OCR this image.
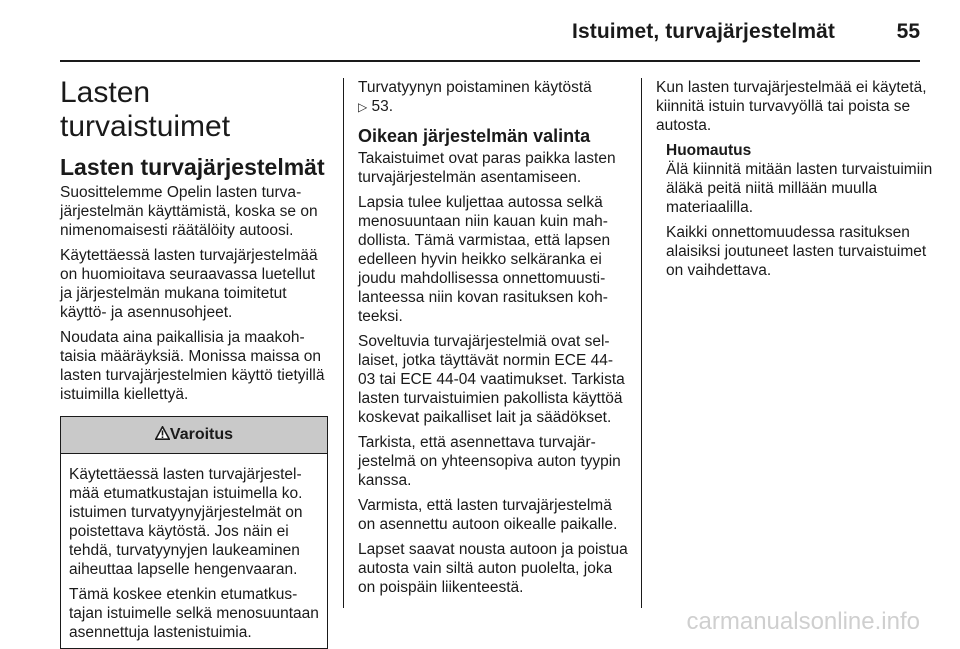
Istuimet, turvajärjestelmät	55
Lasten turvaistuimet
Lasten turvajärjestelmät

Suosittelemme Opelin lasten turvajärjestelmän käyttämistä, koska se on nimenomaisesti räätälöity autoosi.

Käytettäessä lasten turvajärjestelmää on huomioitava seuraavassa luetellut ja järjestelmän mukana toimitetut käyttö- ja asennusohjeet.

Noudata aina paikallisia ja maakohtaisia määräyksiä. Monissa maissa on lasten turvajärjestelmien käyttö tietyillä istuimilla kiellettyä.

Varoitus

Käytettäessä lasten turvajärjestelmää etumatkustajan istuimella ko. istuimen turvatyynyjärjestelmät on poistettava käytöstä. Jos näin ei tehdä, turvatyynyjen laukeaminen aiheuttaa lapselle hengenvaaran.

Tämä koskee etenkin etumatkustajan istuimelle selkä menosuuntaan asennettuja lastenistuimia.

Turvatyynyn poistaminen käytöstä
▷ 53.

Oikean järjestelmän valinta

Takaistuimet ovat paras paikka lasten turvajärjestelmän asentamiseen.

Lapsia tulee kuljettaa autossa selkä menosuuntaan niin kauan kuin mahdollista. Tämä varmistaa, että lapsen edelleen hyvin heikko selkäranka ei joudu mahdollisessa onnettomuustilanteessa niin kovan rasituksen kohteeksi.

Soveltuvia turvajärjestelmiä ovat sellaiset, jotka täyttävät normin ECE 44-03 tai ECE 44-04 vaatimukset. Tarkista lasten turvaistuimien pakollista käyttöä koskevat paikalliset lait ja säädökset.

Tarkista, että asennettava turvajärjestelmä on yhteensopiva auton tyypin kanssa.

Varmista, että lasten turvajärjestelmä on asennettu autoon oikealle paikalle.

Lapset saavat nousta autoon ja poistua autosta vain siltä auton puolelta, joka on poispäin liikenteestä.

Kun lasten turvajärjestelmää ei käytetä, kiinnitä istuin turvavyöllä tai poista se autosta.

Huomautus

Älä kiinnitä mitään lasten turvaistuimiin äläkä peitä niitä millään muulla materiaalilla.

Kaikki onnettomuudessa rasituksen alaisiksi joutuneet lasten turvaistuimet on vaihdettava.

carmanualsonline.info
